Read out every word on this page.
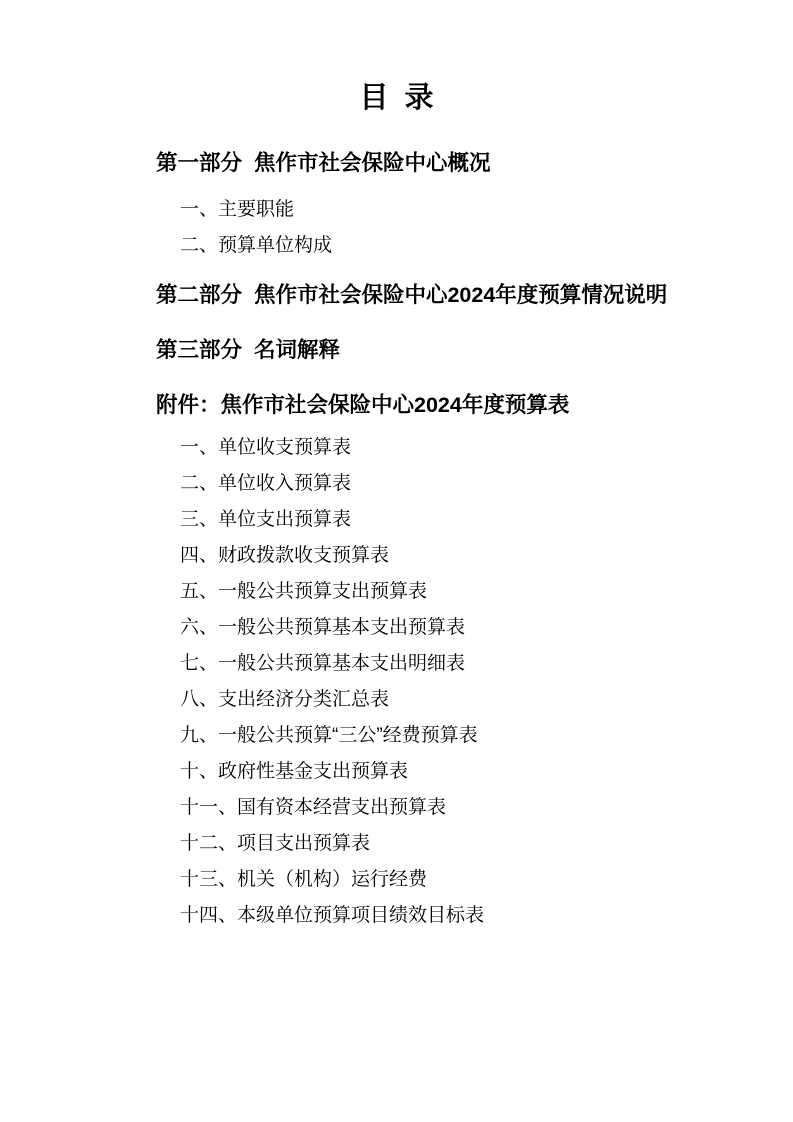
目  录
第一部分  焦作市社会保险中心概况

一、主要职能

二、预算单位构成

第二部分  焦作市社会保险中心2024年度预算情况说明
第三部分  名词解释
附件：焦作市社会保险中心2024年度预算表

一、单位收支预算表

二、单位收入预算表

三、单位支出预算表

四、财政拨款收支预算表

五、一般公共预算支出预算表

六、一般公共预算基本支出预算表

七、一般公共预算基本支出明细表

八、支出经济分类汇总表

九、一般公共预算“三公”经费预算表

十、政府性基金支出预算表

十一、国有资本经营支出预算表

十二、项目支出预算表

十三、机关（机构）运行经费

十四、本级单位预算项目绩效目标表
